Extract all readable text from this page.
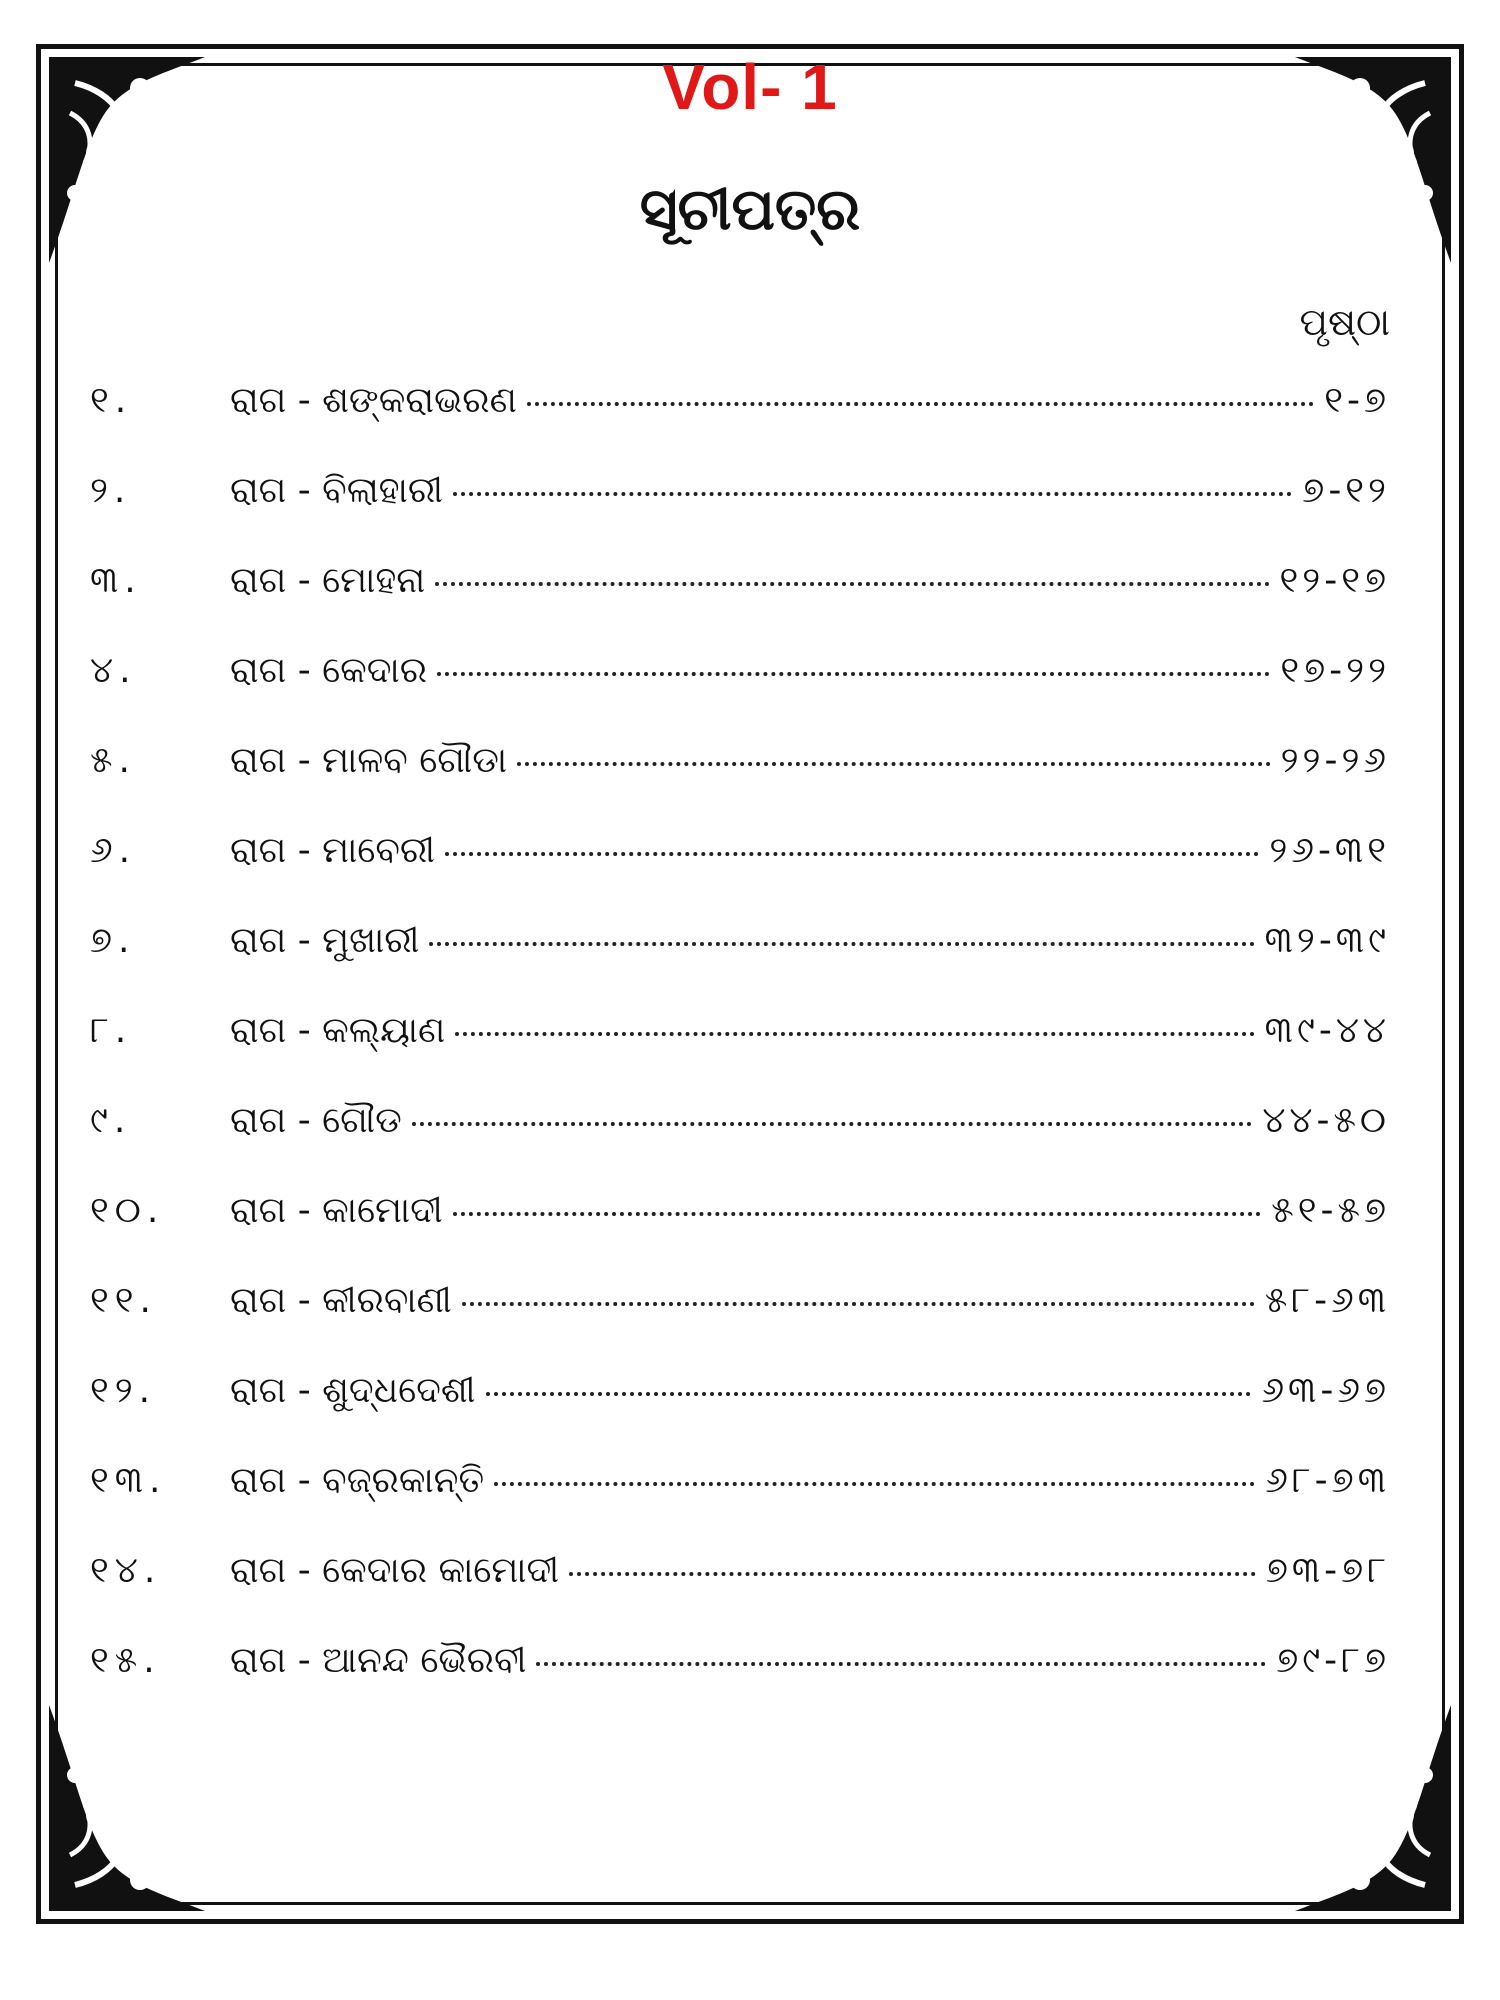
Vol- 1
ସୂଚୀପତ୍ର
ପୃଷ୍ଠା
୧.	ରାଗ - ଶଙ୍କରାଭରଣ	୧-୭
୨.	ରାଗ - ବିଲାହାରୀ	୭-୧୨
୩.	ରାଗ - ମୋହନା	୧୨-୧୭
୪.	ରାଗ - କେଦାର	୧୭-୨୨
୫.	ରାଗ - ମାଳବ ଗୌଡା	୨୨-୨୬
୬.	ରାଗ - ମାବେରୀ	୨୬-୩୧
୭.	ରାଗ - ମୁଖାରୀ	୩୨-୩୯
୮.	ରାଗ - କଲ୍ୟାଣ	୩୯-୪୪
୯.	ରାଗ - ଗୌଡ	୪୪-୫୦
୧୦.	ରାଗ - କାମୋଦୀ	୫୧-୫୭
୧୧.	ରାଗ - କୀରବାଣୀ	୫୮-୬୩
୧୨.	ରାଗ - ଶୁଦ୍ଧଦେଶୀ	୬୩-୬୭
୧୩.	ରାଗ - ବଜ୍ରକାନ୍ତି	୬୮-୭୩
୧୪.	ରାଗ - କେଦାର କାମୋଦୀ	୭୩-୭୮
୧୫.	ରାଗ - ଆନନ୍ଦ ଭୈରବୀ	୭୯-୮୭
